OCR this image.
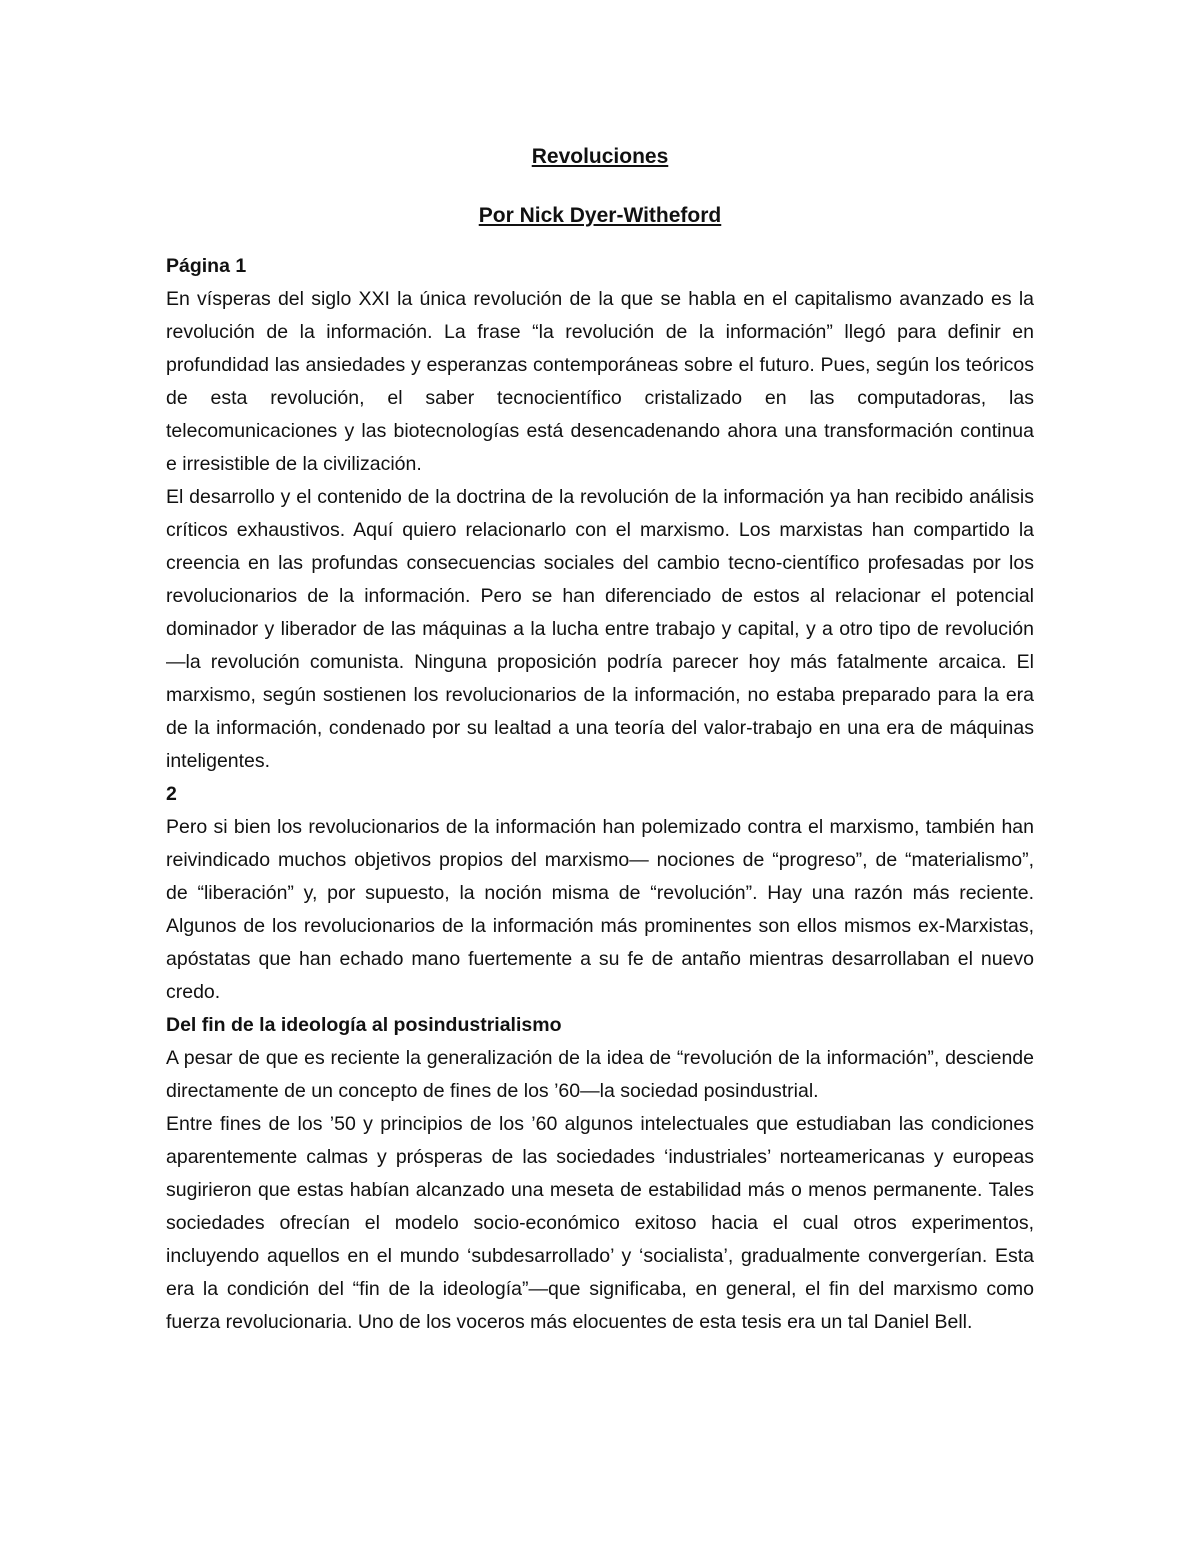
Revoluciones
Por Nick Dyer-Witheford

Página 1

En vísperas del siglo XXI la única revolución de la que se habla en el capitalismo avanzado es la revolución de la información. La frase “la revolución de la información” llegó para definir en profundidad las ansiedades y esperanzas contemporáneas sobre el futuro. Pues, según los teóricos de esta revolución, el saber tecnocientífico cristalizado en las computadoras, las telecomunicaciones y las biotecnologías está desencadenando ahora una transformación continua e irresistible de la civilización.

El desarrollo y el contenido de la doctrina de la revolución de la información ya han recibido análisis críticos exhaustivos. Aquí quiero relacionarlo con el marxismo. Los marxistas han compartido la creencia en las profundas consecuencias sociales del cambio tecno-científico profesadas por los revolucionarios de la información. Pero se han diferenciado de estos al relacionar el potencial dominador y liberador de las máquinas a la lucha entre trabajo y capital, y a otro tipo de revolución—la revolución comunista. Ninguna proposición podría parecer hoy más fatalmente arcaica. El marxismo, según sostienen los revolucionarios de la información, no estaba preparado para la era de la información, condenado por su lealtad a una teoría del valor-trabajo en una era de máquinas inteligentes.

2

Pero si bien los revolucionarios de la información han polemizado contra el marxismo, también han reivindicado muchos objetivos propios del marxismo— nociones de “progreso”, de “materialismo”, de “liberación” y, por supuesto, la noción misma de “revolución”. Hay una razón más reciente. Algunos de los revolucionarios de la información más prominentes son ellos mismos ex-Marxistas, apóstatas que han echado mano fuertemente a su fe de antaño mientras desarrollaban el nuevo credo.

Del fin de la ideología al posindustrialismo

A pesar de que es reciente la generalización de la idea de “revolución de la información”, desciende directamente de un concepto de fines de los ’60—la sociedad posindustrial.

Entre fines de los ’50 y principios de los ’60 algunos intelectuales que estudiaban las condiciones aparentemente calmas y prósperas de las sociedades ‘industriales’ norteamericanas y europeas sugirieron que estas habían alcanzado una meseta de estabilidad más o menos permanente. Tales sociedades ofrecían el modelo socio-económico exitoso hacia el cual otros experimentos, incluyendo aquellos en el mundo ‘subdesarrollado’ y ‘socialista’, gradualmente convergerían. Esta era la condición del “fin de la ideología”—que significaba, en general, el fin del marxismo como fuerza revolucionaria. Uno de los voceros más elocuentes de esta tesis era un tal Daniel Bell.
